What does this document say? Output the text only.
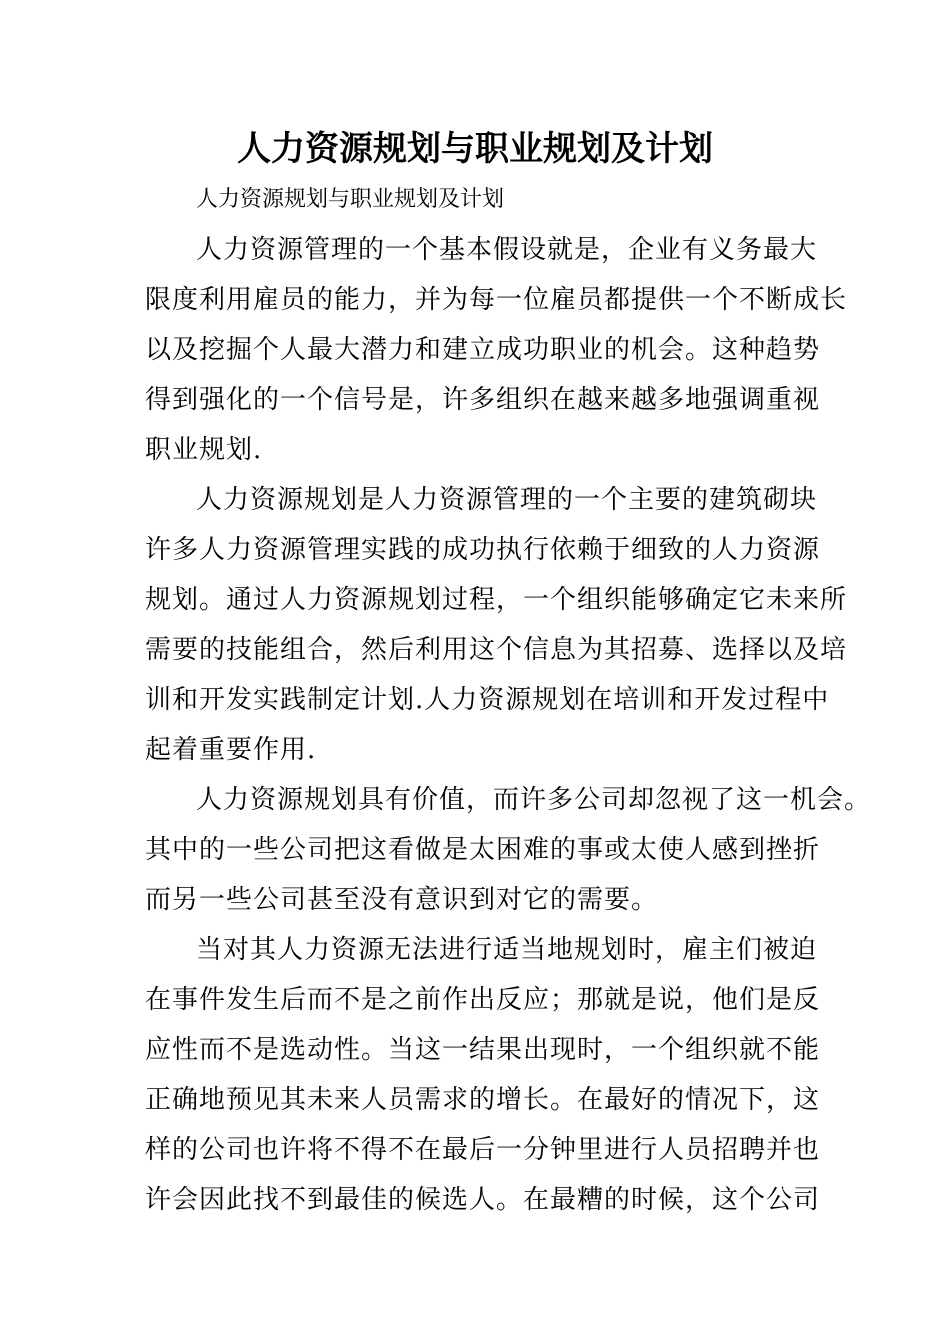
人力资源规划与职业规划及计划
人力资源规划与职业规划及计划
人力资源管理的一个基本假设就是，企业有义务最大
限度利用雇员的能力，并为每一位雇员都提供一个不断成长
以及挖掘个人最大潜力和建立成功职业的机会。这种趋势
得到强化的一个信号是，许多组织在越来越多地强调重视
职业规划.
人力资源规划是人力资源管理的一个主要的建筑砌块
许多人力资源管理实践的成功执行依赖于细致的人力资源
规划。通过人力资源规划过程，一个组织能够确定它未来所
需要的技能组合，然后利用这个信息为其招募、选择以及培
训和开发实践制定计划.人力资源规划在培训和开发过程中
起着重要作用.
人力资源规划具有价值，而许多公司却忽视了这一机会。
其中的一些公司把这看做是太困难的事或太使人感到挫折
而另一些公司甚至没有意识到对它的需要。
当对其人力资源无法进行适当地规划时，雇主们被迫
在事件发生后而不是之前作出反应；那就是说，他们是反
应性而不是选动性。当这一结果出现时，一个组织就不能
正确地预见其未来人员需求的增长。在最好的情况下，这
样的公司也许将不得不在最后一分钟里进行人员招聘并也
许会因此找不到最佳的候选人。在最糟的时候，这个公司
